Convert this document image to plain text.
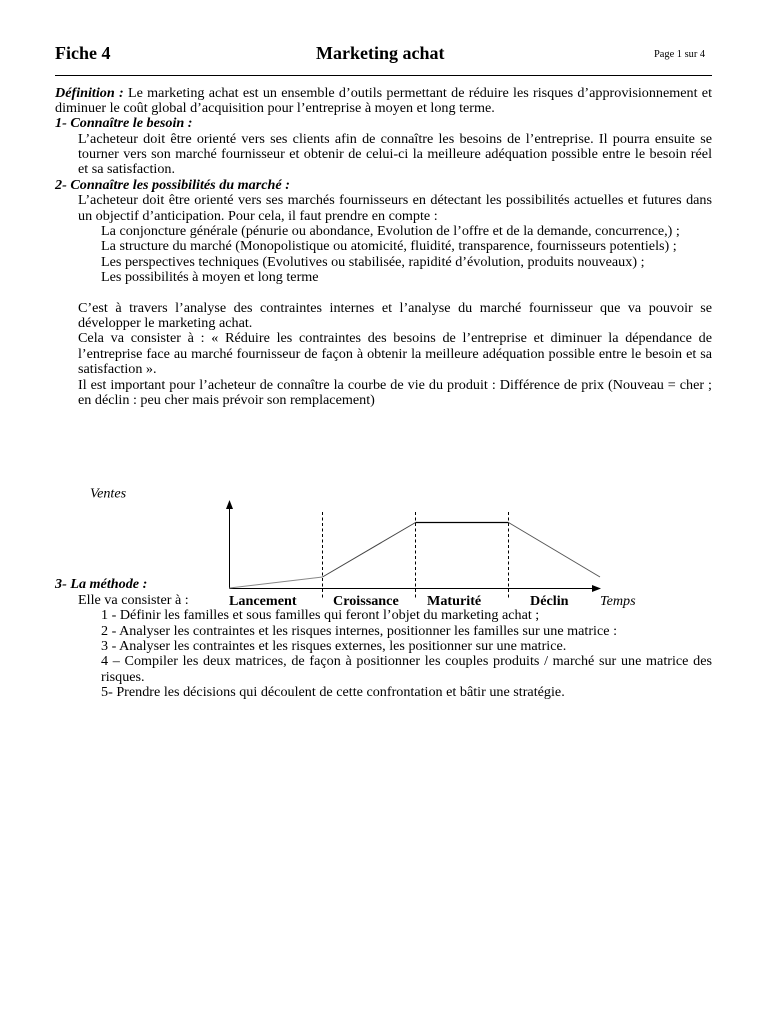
Fiche 4	Marketing achat	Page 1 sur 4

Définition : Le marketing achat est un ensemble d’outils permettant de réduire les risques d’approvisionnement et diminuer le coût global d’acquisition pour l’entreprise à moyen et long terme.

1- Connaître le besoin :

L’acheteur doit être orienté vers ses clients afin de connaître les besoins de l’entreprise. Il pourra ensuite se tourner vers son marché fournisseur et obtenir de celui-ci la meilleure adéquation possible entre le besoin réel et sa satisfaction.

2- Connaître les possibilités du marché :

L’acheteur doit être orienté vers ses marchés fournisseurs en détectant les possibilités actuelles et futures dans un objectif d’anticipation. Pour cela, il faut prendre en compte :

La conjoncture générale (pénurie ou abondance, Evolution de l’offre et de la demande, concurrence,) ;
La structure du marché (Monopolistique ou atomicité, fluidité, transparence, fournisseurs potentiels) ;
Les perspectives techniques (Evolutives ou stabilisée, rapidité d’évolution, produits nouveaux) ;
Les possibilités à moyen et long terme

C’est à travers l’analyse des contraintes internes et l’analyse du marché fournisseur que va pouvoir se développer le marketing achat.

Cela va consister à : « Réduire les contraintes des besoins de l’entreprise et diminuer la dépendance de l’entreprise face au marché fournisseur de façon à obtenir la meilleure adéquation possible entre le besoin et sa satisfaction ».

Il est important pour l’acheteur de connaître la courbe de vie du produit : Différence de prix (Nouveau = cher ; en déclin : peu cher mais prévoir son remplacement)

3- La méthode :

Elle va consister à :

1 - Définir les familles et sous familles qui feront l’objet du marketing achat ;
2 - Analyser les contraintes et les risques internes, positionner les familles sur une matrice :
3 - Analyser les contraintes et les risques externes, les positionner sur une matrice.
4 – Compiler les deux matrices, de façon à positionner les couples produits / marché sur une matrice des risques.
5- Prendre les décisions qui découlent de cette confrontation et bâtir une stratégie.
Ventes
Lancement	Croissance Maturité	Déclin Temps
